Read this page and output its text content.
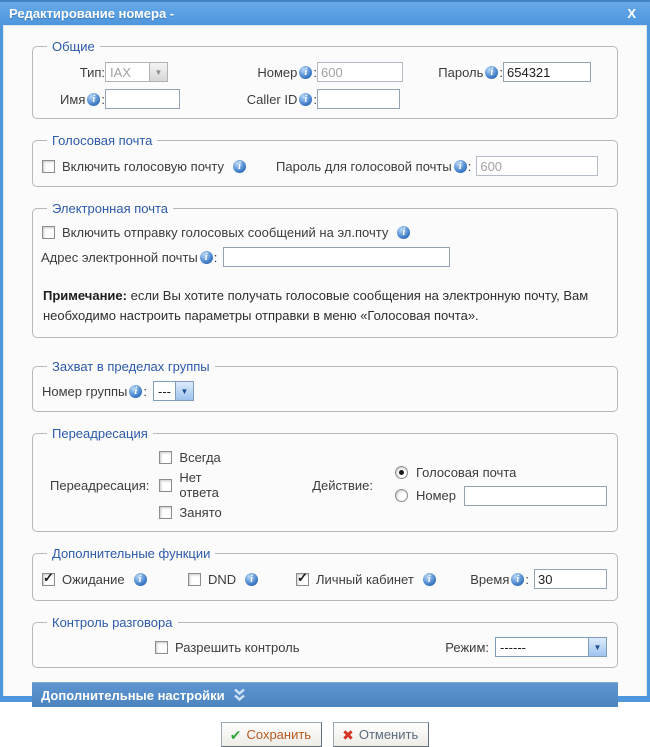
Редактирование номера -	X
Общие
Тип: IAX	▼	Номер i :
600	Пароль i :
654321
Имя i :	Caller ID i :
Голосовая почта
Включить голосовую почту	i	Пароль для голосовой почты i :
600
Электронная почта
Включить отправку голосовых сообщений на эл.почту	i
Адрес электронной почты i :

Примечание: если Вы хотите получать голосовые сообщения на электронную почту, Вам необходимо настроить параметры отправки в меню «Голосовая почта».

Захват в пределах группы
Номер группы i : ---	▼
Переадресация
Переадресация:
Всегда
Нет ответа
Занято
Действие:
Голосовая почта
Номер
Дополнительные функции
Ожидание	i	DND	i	Личный кабинет	i	Время i :
30
Контроль разговора
Разрешить контроль	Режим: ------	▼
Дополнительные настройки
✔ Сохранить ✖ Отменить
